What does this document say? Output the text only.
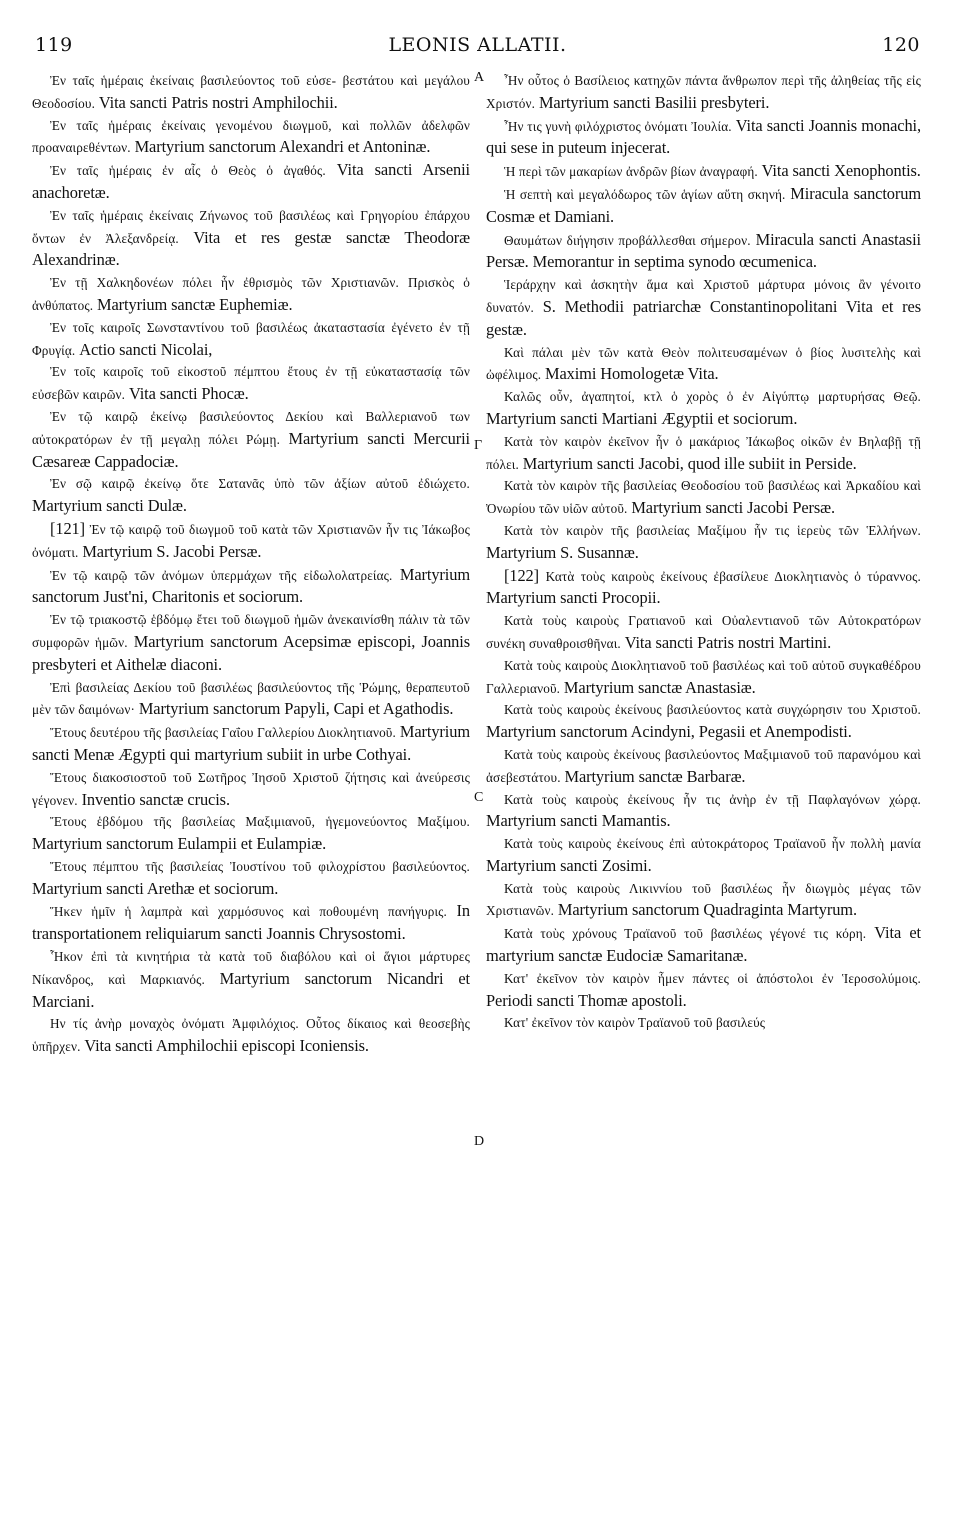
119	LEONIS ALLATII.	120

Ἐν ταῖς ἡμέραις ἐκείναις βασιλεύοντος τοῦ εὐσε- βεστάτου καὶ μεγάλου Θεοδοσίου. Vita sancti Patris nostri Amphilochii.

Ἐν ταῖς ἡμέραις ἐκείναις γενομένου διωγμοῦ, καὶ πολλῶν ἀδελφῶν προαναιρεθέντων. Martyrium sanctorum Alexandri et Antoninæ.

Ἐν ταῖς ἡμέραις ἐν αἷς ὁ Θεὸς ὁ ἀγαθός. Vita sancti Arsenii anachoretæ.

Ἐν ταῖς ἡμέραις ἐκείναις Ζήνωνος τοῦ βασιλέως καὶ Γρηγορίου ἐπάρχου ὄντων ἐν Ἀλεξανδρείᾳ. Vita et res gestæ sanctæ Theodoræ Alexandrinæ.

Ἐν τῇ Χαλκηδονέων πόλει ἦν ἐθρισμὸς τῶν Χριστιανῶν. Πρισκὸς ὁ ἀνθύπατος. Martyrium sanctæ Euphemiæ.

Ἐν τοῖς καιροῖς Σωνσταντίνου τοῦ βασιλέως ἀκαταστασία ἐγένετο ἐν τῇ Φρυγίᾳ. Actio sancti Nicolai,

Ἐν τοῖς καιροῖς τοῦ εἰκοστοῦ πέμπτου ἔτους ἐν τῇ εὐκαταστασίᾳ τῶν εὐσεβῶν καιρῶν. Vita sancti Phocæ.

Ἐν τῷ καιρῷ ἐκείνῳ βασιλεύοντος Δεκίου καὶ Βαλλεριανοῦ των αὐτοκρατόρων ἐν τῇ μεγαλῃ πόλει Ρώμῃ. Martyrium sancti Mercurii Cæsareæ Cappadociæ.

Ἐν σῷ καιρῷ ἐκείνῳ ὅτε Σατανᾶς ὑπὸ τῶν ἀξίων αὐτοῦ ἐδιώχετο. Martyrium sancti Dulæ.

[121] Ἐν τῷ καιρῷ τοῦ διωγμοῦ τοῦ κατὰ τῶν Χριστιανῶν ἦν τις Ἰάκωβος ὀνόματι. Martyrium S. Jacobi Persæ.

Ἐν τῷ καιρῷ τῶν ἀνόμων ὑπερμάχων τῆς εἰδωλολατρείας. Martyrium sanctorum Just'ni, Charitonis et sociorum.

Ἐν τῷ τριακοστῷ ἑβδόμῳ ἔτει τοῦ διωγμοῦ ἡμῶν ἀνεκαινίσθη πάλιν τὰ τῶν συμφορῶν ἡμῶν. Martyrium sanctorum Acepsimæ episcopi, Joannis presbyteri et Aithelæ diaconi.

Ἐπὶ βασιλείας Δεκίου τοῦ βασιλέως βασιλεύοντος τῆς Ῥώμης, θεραπευτοῦ μὲν τῶν δαιμόνων· Martyrium sanctorum Papyli, Capi et Agathodis.

Ἔτους δευτέρου τῆς βασιλείας Γαΐου Γαλλερίου Διοκλητιανοῦ. Martyrium sancti Menæ Ægypti qui martyrium subiit in urbe Cothyai.

Ἔτους διακοσιοστοῦ τοῦ Σωτῆρος Ἰησοῦ Χριστοῦ ζήτησις καὶ ἀνεύρεσις γέγονεν. Inventio sanctæ crucis.

Ἔτους ἑβδόμου τῆς βασιλείας Μαξιμιανοῦ, ἡγεμονεύοντος Μαξίμου. Martyrium sanctorum Eulampii et Eulampiæ.

Ἔτους πέμπτου τῆς βασιλείας Ἰουστίνου τοῦ φιλοχρίστου βασιλεύοντος. Martyrium sancti Arethæ et sociorum.

Ἥκεν ἡμῖν ἡ λαμπρὰ καὶ χαρμόσυνος καὶ ποθουμένη πανήγυρις. In transportationem reliquiarum sancti Joannis Chrysostomi.

Ἧκον ἐπὶ τὰ κινητήρια τὰ κατὰ τοῦ διαβόλου καὶ οἱ ἅγιοι μάρτυρες Νίκανδρος, καὶ Μαρκιανός. Martyrium sanctorum Nicandri et Marciani.

Ην τίς ἀνὴρ μοναχὸς ὀνόματι Ἀμφιλόχιος. Οὗτος δίκαιος καὶ θεοσεβὴς ὑπῆρχεν. Vita sancti Amphilochii episcopi Iconiensis.

Ἦν οὗτος ὁ Βασίλειος κατηχῶν πάντα ἄνθρωπον περὶ τῆς ἀληθείας τῆς εἰς Χριστόν. Martyrium sancti Basilii presbyteri.

Ἦν τις γυνὴ φιλόχριστος ὀνόματι Ἰουλία. Vita sancti Joannis monachi, qui sese in puteum injecerat.

Ἡ περὶ τῶν μακαρίων ἀνδρῶν βίων ἀναγραφή. Vita sancti Xenophontis.

Ἡ σεπτὴ καὶ μεγαλόδωρος τῶν ἁγίων αὕτη σκηνή. Miracula sanctorum Cosmæ et Damiani.

Θαυμάτων διήγησιν προβάλλεσθαι σήμερον. Miracula sancti Anastasii Persæ. Memorantur in septima synodo œcumenica.

Ἱεράρχην καὶ ἀσκητὴν ἅμα καὶ Χριστοῦ μάρτυρα μόνοις ἂν γένοιτο δυνατόν. S. Methodii patriarchæ Constantinopolitani Vita et res gestæ.

Καὶ πάλαι μὲν τῶν κατὰ Θεὸν πολιτευσαμένων ὁ βίος λυσιτελὴς καὶ ὠφέλιμος. Maximi Homologetæ Vita.

Καλῶς οὖν, ἀγαπητοί, κτλ ὁ χορὸς ὁ ἐν Αἰγύπτῳ μαρτυρήσας Θεῷ. Martyrium sancti Martiani Ægyptii et sociorum.

Κατὰ τὸν καιρὸν ἐκεῖνον ἦν ὁ μακάριος Ἰάκωβος οἰκῶν ἐν Βηλαβῇ τῇ πόλει. Martyrium sancti Jacobi, quod ille subiit in Perside.

Κατὰ τὸν καιρὸν τῆς βασιλείας Θεοδοσίου τοῦ βασιλέως καὶ Ἀρκαδίου καὶ Ὀνωρίου τῶν υἱῶν αὐτοῦ. Martyrium sancti Jacobi Persæ.

Κατὰ τὸν καιρὸν τῆς βασιλείας Μαξίμου ἦν τις ἱερεὺς τῶν Ἑλλήνων. Martyrium S. Susannæ.

[122] Κατὰ τοὺς καιροὺς ἐκείνους ἐβασίλευε Διοκλητιανὸς ὁ τύραννος. Martyrium sancti Procopii.

Κατὰ τοὺς καιροὺς Γρατιανοῦ καὶ Οὐαλεντιανοῦ τῶν Αὐτοκρατόρων συνέκη συναθροισθῆναι. Vita sancti Patris nostri Martini.

Κατὰ τοὺς καιροὺς Διοκλητιανοῦ τοῦ βασιλέως καὶ τοῦ αὐτοῦ συγκαθέδρου Γαλλεριανοῦ. Martyrium sanctæ Anastasiæ.

Κατὰ τοὺς καιροὺς ἐκείνους βασιλεύοντος κατὰ συγχώρησιν του Χριστοῦ. Martyrium sanctorum Acindyni, Pegasii et Anempodisti.

Κατὰ τοὺς καιροὺς ἐκείνους βασιλεύοντος Μαξιμιανοῦ τοῦ παρανόμου καὶ ἀσεβεστάτου. Martyrium sanctæ Barbaræ.

Κατὰ τοὺς καιροὺς ἐκείνους ἦν τις ἀνὴρ ἐν τῇ Παφλαγόνων χώρᾳ. Martyrium sancti Mamantis.

Κατὰ τοὺς καιροὺς ἐκείνους ἐπὶ αὐτοκράτορος Τραϊανοῦ ἦν πολλὴ μανία Martyrium sancti Zosimi.

Κατὰ τοὺς καιροὺς Λικιννίου τοῦ βασιλέως ἦν διωγμὸς μέγας τῶν Χριστιανῶν. Martyrium sanctorum Quadraginta Martyrum.

Κατὰ τοὺς χρόνους Τραϊανοῦ τοῦ βασιλέως γέγονέ τις κόρη. Vita et martyrium sanctæ Eudociæ Samaritanæ.

Κατ' ἐκεῖνον τὸν καιρὸν ἦμεν πάντες οἱ ἀπόστολοι ἐν Ἱεροσολύμοις. Periodi sancti Thomæ apostoli.

Κατ' ἐκεῖνον τὸν καιρὸν Τραϊανοῦ τοῦ βασιλεύς

A
Γ
C
D
